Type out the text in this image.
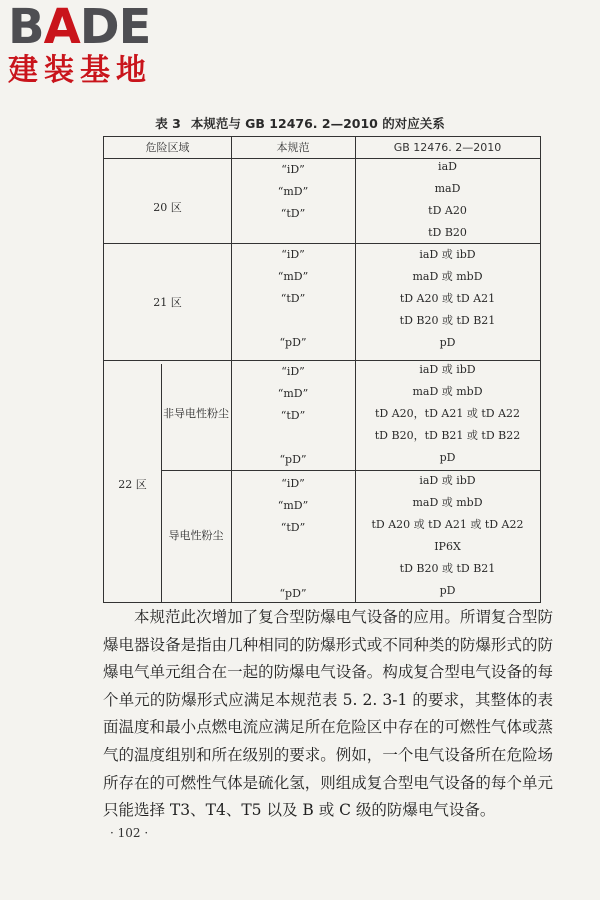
BADE
建装基地
表 3 本规范与 GB 12476. 2—2010 的对应关系
危险区域	本规范	GB 12476. 2—2010
20 区
“iD”
“mD”
“tD”
iaD
maD
tD A20
tD B20
21 区
“iD”
“mD”
“tD”
“pD”
iaD 或 ibD
maD 或 mbD
tD A20 或 tD A21
tD B20 或 tD B21
pD
22 区
非导电性粉尘
“iD”
“mD”
“tD”
“pD”
iaD 或 ibD
maD 或 mbD
tD A20，tD A21 或 tD A22
tD B20，tD B21 或 tD B22
pD
导电性粉尘
“iD”
“mD”
“tD”
“pD”
iaD 或 ibD
maD 或 mbD
tD A20 或 tD A21 或 tD A22
IP6X
tD B20 或 tD B21
pD

本规范此次增加了复合型防爆电气设备的应用。所谓复合型防爆电器设备是指由几种相同的防爆形式或不同种类的防爆形式的防爆电气单元组合在一起的防爆电气设备。构成复合型电气设备的每个单元的防爆形式应满足本规范表 5. 2. 3-1 的要求，其整体的表面温度和最小点燃电流应满足所在危险区中存在的可燃性气体或蒸气的温度组别和所在级别的要求。例如，一个电气设备所在危险场所存在的可燃性气体是硫化氢，则组成复合型电气设备的每个单元只能选择 T3、T4、T5 以及 B 或 C 级的防爆电气设备。

· 102 ·
